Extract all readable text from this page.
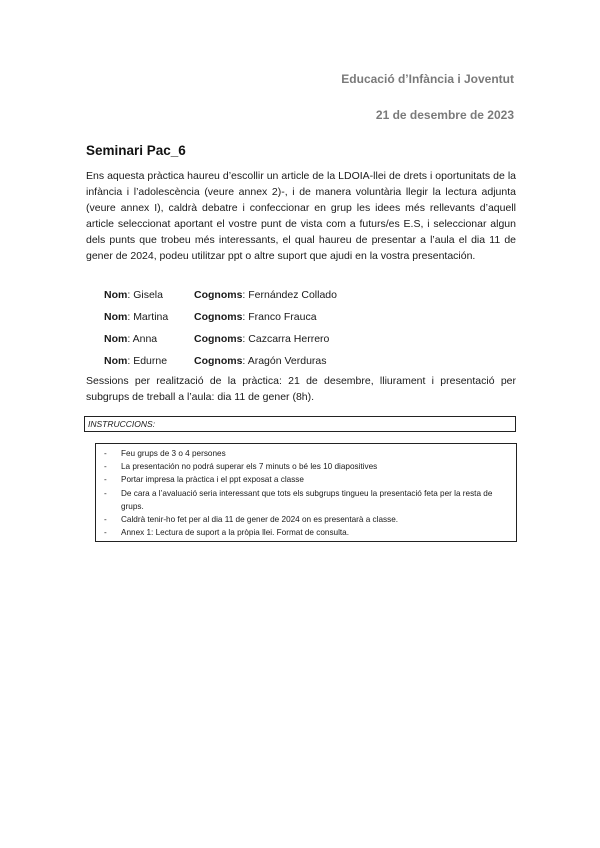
Educació d’Infància i Joventut
21 de desembre de 2023
Seminari Pac_6

Ens aquesta pràctica haureu d’escollir un article de la LDOIA-llei de drets i oportunitats de la infància i l’adolescència (veure annex 2)-, i de manera voluntària llegir la lectura adjunta (veure annex I), caldrà debatre i confeccionar en grup les idees més rellevants d’aquell article seleccionat aportant el vostre punt de vista com a futurs/es E.S, i seleccionar algun dels punts que trobeu més interessants, el qual haureu de presentar a l’aula el dia 11 de gener de 2024, podeu utilitzar ppt o altre suport que ajudi en la vostra presentación.

Nom: Gisela	Cognoms: Fernández Collado
Nom: Martina	Cognoms: Franco Frauca
Nom: Anna	Cognoms: Cazcarra Herrero
Nom: Edurne	Cognoms: Aragón Verduras

Sessions per realització de la pràctica: 21 de desembre, lliurament i presentació per subgrups de treball a l’aula: dia 11 de gener (8h).

INSTRUCCIONS:
- Feu grups de 3 o 4 persones
- La presentación no podrá superar els 7 minuts o bé les 10 diapositives
- Portar impresa la pràctica i el ppt exposat a classe
- De cara a l’avaluació seria interessant que tots els subgrups tingueu la presentació feta per la resta de grups.
- Caldrà tenir-ho fet per al dia 11 de gener de 2024 on es presentarà a classe.
- Annex 1: Lectura de suport a la pròpia llei. Format de consulta.
